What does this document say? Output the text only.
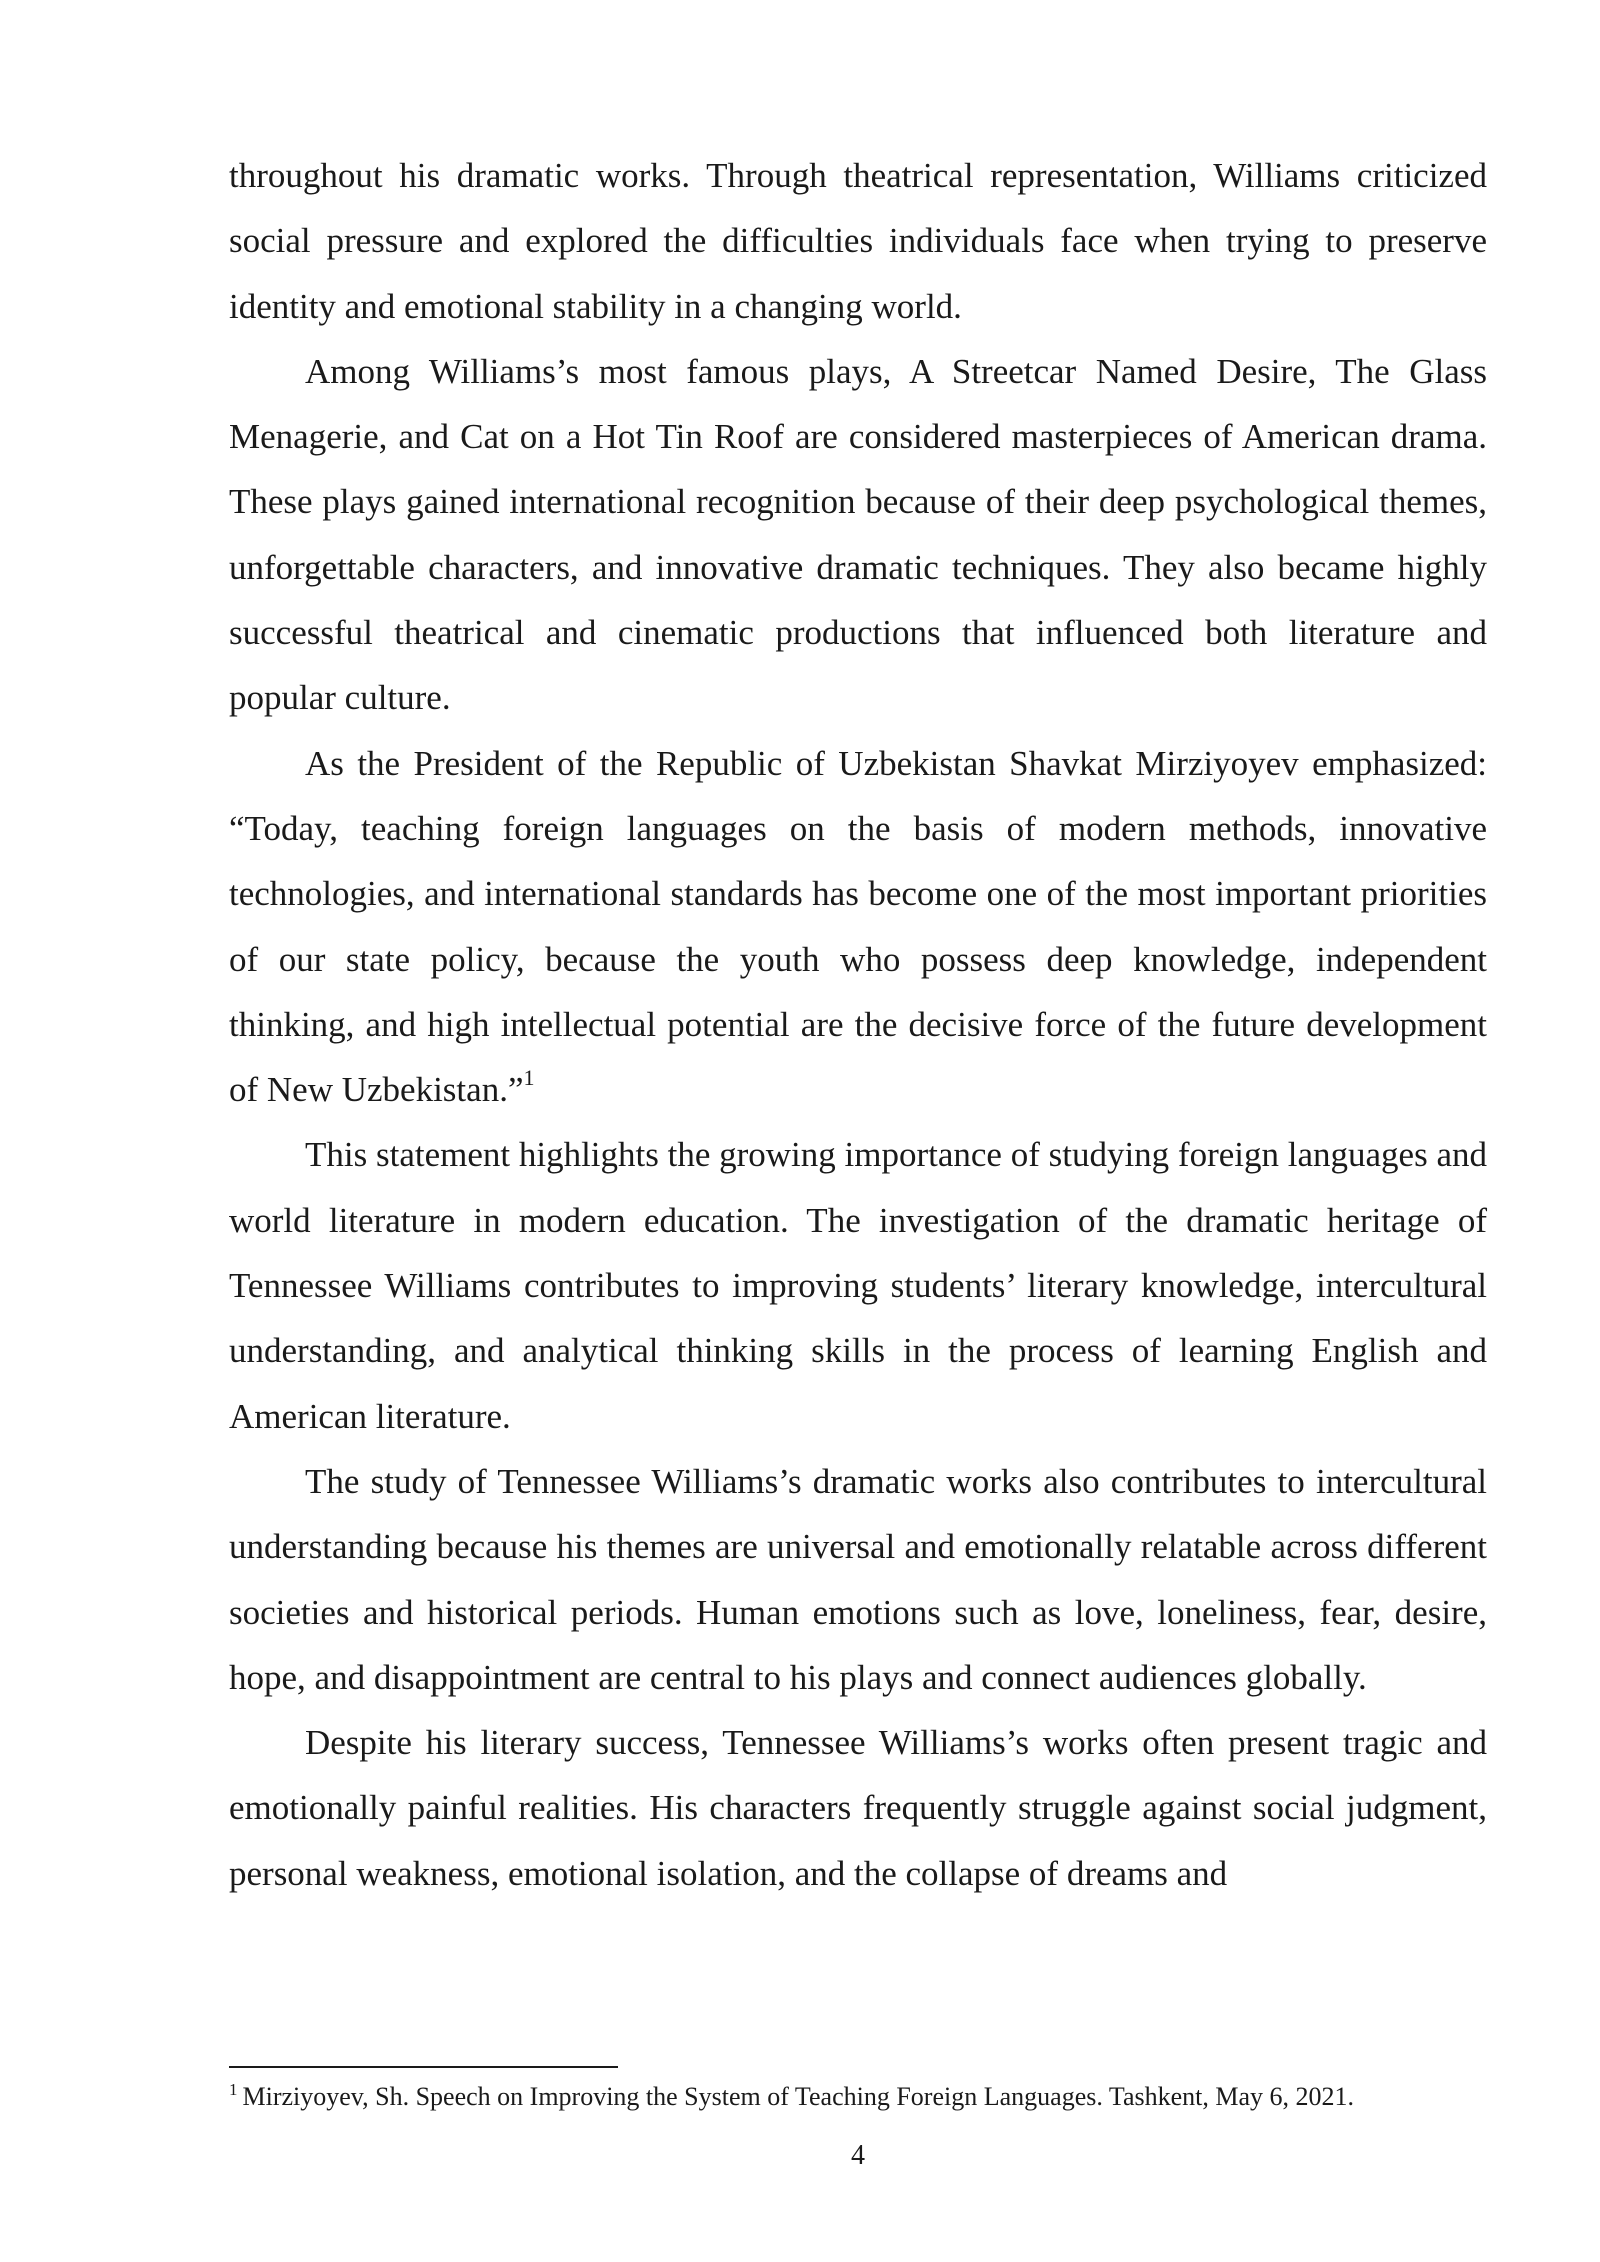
throughout his dramatic works. Through theatrical representation, Williams criticized social pressure and explored the difficulties individuals face when trying to preserve identity and emotional stability in a changing world.

Among Williams’s most famous plays, A Streetcar Named Desire, The Glass Menagerie, and Cat on a Hot Tin Roof are considered masterpieces of American drama. These plays gained international recognition because of their deep psychological themes, unforgettable characters, and innovative dramatic techniques. They also became highly successful theatrical and cinematic productions that influenced both literature and popular culture.

As the President of the Republic of Uzbekistan Shavkat Mirziyoyev emphasized: “Today, teaching foreign languages on the basis of modern methods, innovative technologies, and international standards has become one of the most important priorities of our state policy, because the youth who possess deep knowledge, independent thinking, and high intellectual potential are the decisive force of the future development of New Uzbekistan.”$^1$

This statement highlights the growing importance of studying foreign languages and world literature in modern education. The investigation of the dramatic heritage of Tennessee Williams contributes to improving students’ literary knowledge, intercultural understanding, and analytical thinking skills in the process of learning English and American literature.

The study of Tennessee Williams’s dramatic works also contributes to intercultural understanding because his themes are universal and emotionally relatable across different societies and historical periods. Human emotions such as love, loneliness, fear, desire, hope, and disappointment are central to his plays and connect audiences globally.

Despite his literary success, Tennessee Williams’s works often present tragic and emotionally painful realities. His characters frequently struggle against social judgment, personal weakness, emotional isolation, and the collapse of dreams and

$^1$ Mirziyoyev, Sh. Speech on Improving the System of Teaching Foreign Languages. Tashkent, May 6, 2021.
4
